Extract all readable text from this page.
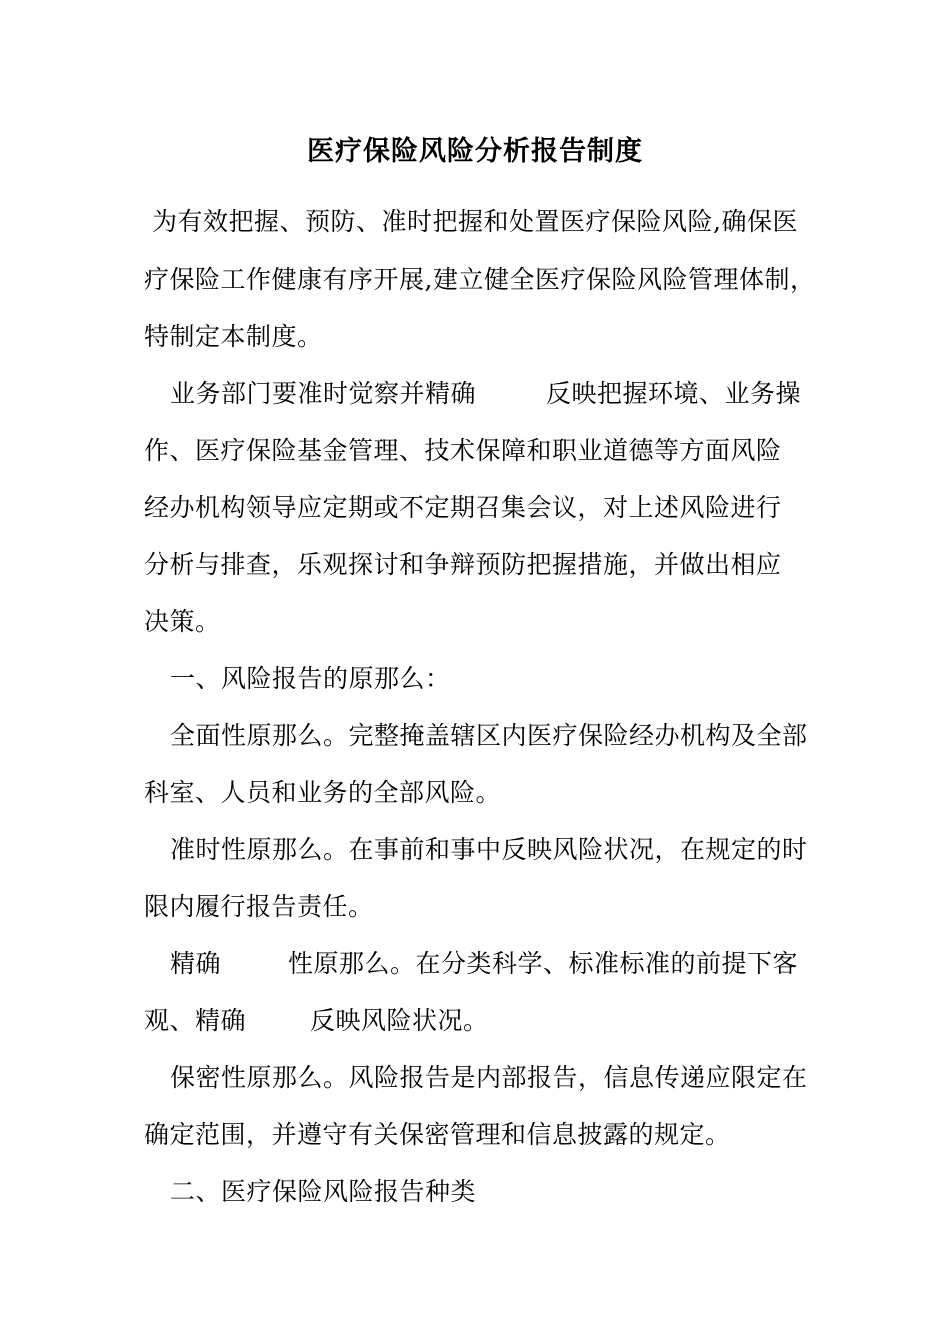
医疗保险风险分析报告制度
为有效把握、预防、准时把握和处置医疗保险风险,确保医
疗保险工作健康有序开展,建立健全医疗保险风险管理体制，
特制定本制度。
业务部门要准时觉察并精确	反映把握环境、业务操
作、医疗保险基金管理、技术保障和职业道德等方面风险
经办机构领导应定期或不定期召集会议，对上述风险进行
分析与排查，乐观探讨和争辩预防把握措施，并做出相应
决策。
一、风险报告的原那么：
全面性原那么。完整掩盖辖区内医疗保险经办机构及全部
科室、人员和业务的全部风险。
准时性原那么。在事前和事中反映风险状况，在规定的时
限内履行报告责任。
精确	性原那么。在分类科学、标准标准的前提下客
观、精确	反映风险状况。
保密性原那么。风险报告是内部报告，信息传递应限定在
确定范围，并遵守有关保密管理和信息披露的规定。
二、医疗保险风险报告种类
